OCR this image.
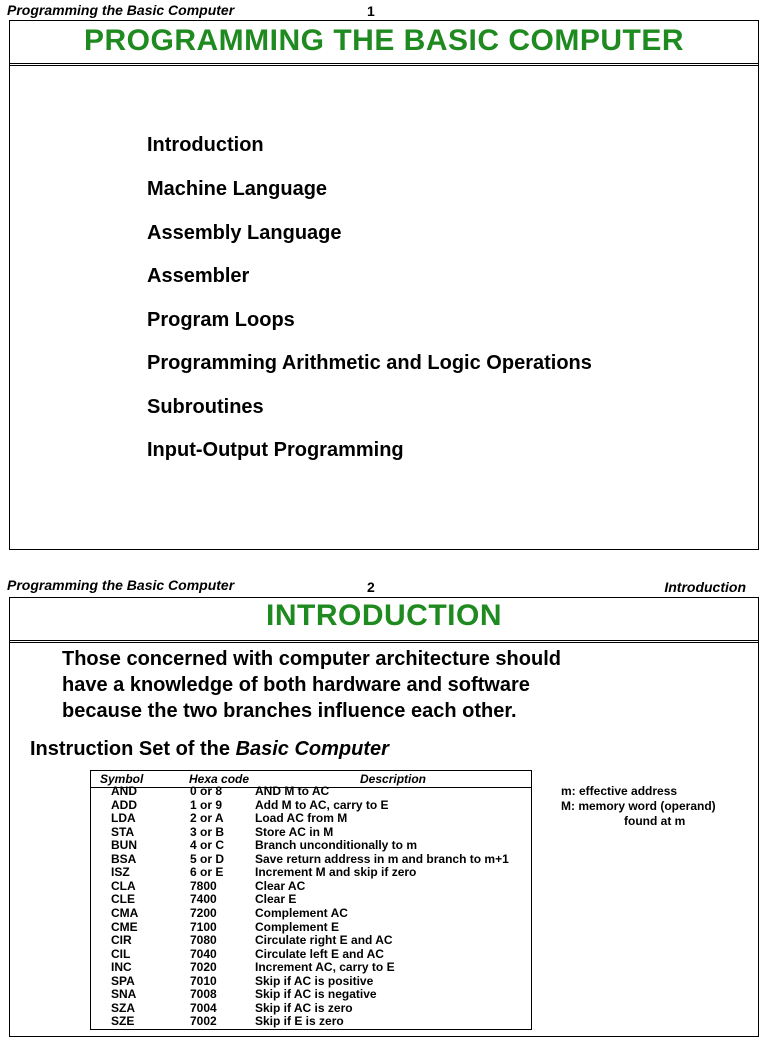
Programming the Basic Computer	1
PROGRAMMING THE BASIC COMPUTER
Introduction
Machine Language
Assembly Language
Assembler
Program Loops
Programming Arithmetic and Logic Operations
Subroutines
Input-Output Programming
Programming the Basic Computer	2	Introduction
INTRODUCTION
Those concerned with computer architecture should
have a knowledge of both hardware and software
because the two branches influence each other.
Instruction Set of the Basic Computer
Symbol	Hexa code	Description
AND	0 or 8	AND M to AC
ADD	1 or 9	Add M to AC, carry to E
LDA	2 or A	Load AC from M
STA	3 or B	Store AC in M
BUN	4 or C	Branch unconditionally to m
BSA	5 or D	Save return address in m and branch to m+1
ISZ	6 or E	Increment M and skip if zero
CLA	7800	Clear AC
CLE	7400	Clear E
CMA	7200	Complement AC
CME	7100	Complement E
CIR	7080	Circulate right E and AC
CIL	7040	Circulate left E and AC
INC	7020	Increment AC, carry to E
SPA	7010	Skip if AC is positive
SNA	7008	Skip if AC is negative
SZA	7004	Skip if AC is zero
SZE	7002	Skip if E is zero
m: effective address
M: memory word (operand)
found at m
